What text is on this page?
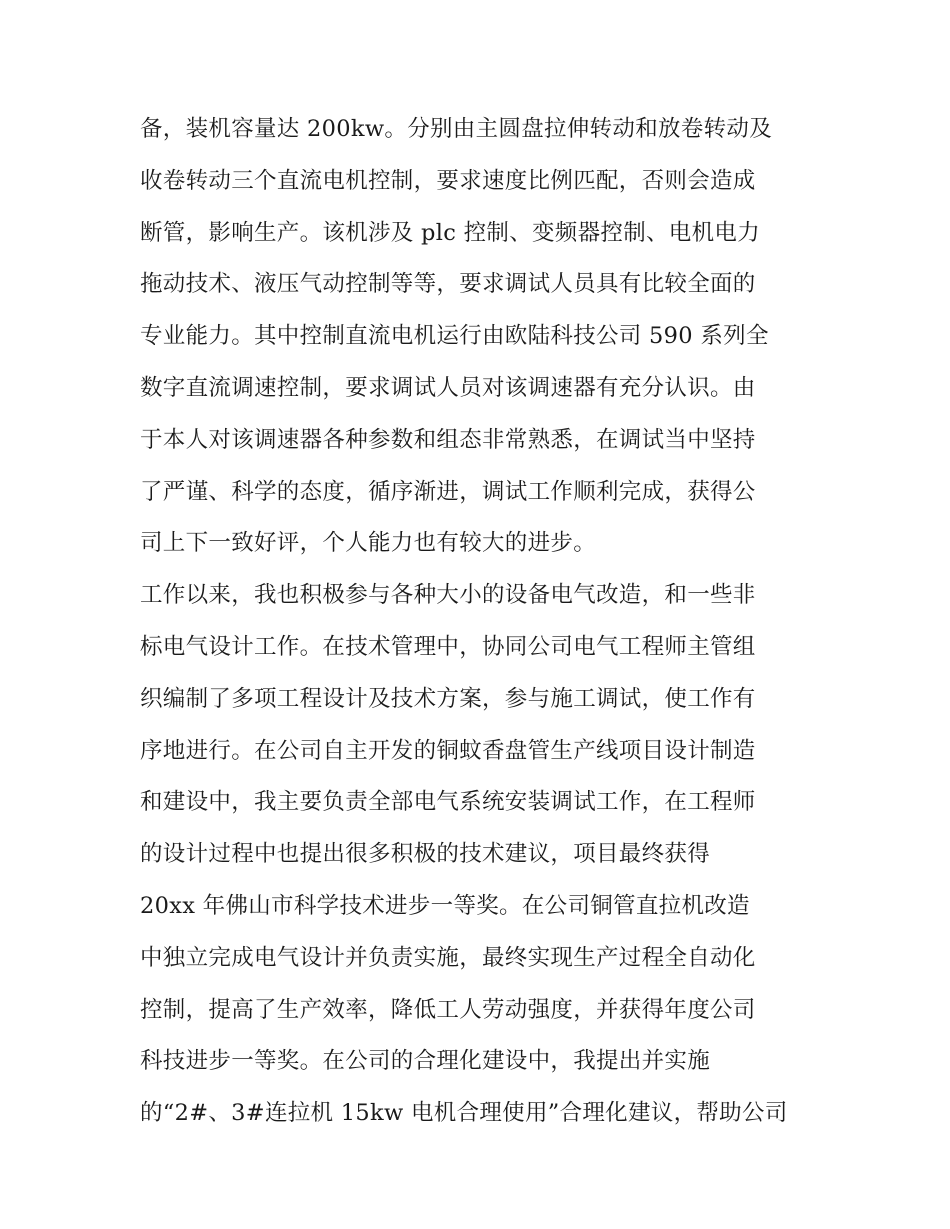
备，装机容量达 200kw。分别由主圆盘拉伸转动和放卷转动及
收卷转动三个直流电机控制，要求速度比例匹配，否则会造成
断管，影响生产。该机涉及 plc 控制、变频器控制、电机电力
拖动技术、液压气动控制等等，要求调试人员具有比较全面的
专业能力。其中控制直流电机运行由欧陆科技公司 590 系列全
数字直流调速控制，要求调试人员对该调速器有充分认识。由
于本人对该调速器各种参数和组态非常熟悉，在调试当中坚持
了严谨、科学的态度，循序渐进，调试工作顺利完成，获得公
司上下一致好评，个人能力也有较大的进步。
工作以来，我也积极参与各种大小的设备电气改造，和一些非
标电气设计工作。在技术管理中，协同公司电气工程师主管组
织编制了多项工程设计及技术方案，参与施工调试，使工作有
序地进行。在公司自主开发的铜蚊香盘管生产线项目设计制造
和建设中，我主要负责全部电气系统安装调试工作，在工程师
的设计过程中也提出很多积极的技术建议，项目最终获得
20xx 年佛山市科学技术进步一等奖。在公司铜管直拉机改造
中独立完成电气设计并负责实施，最终实现生产过程全自动化
控制，提高了生产效率，降低工人劳动强度，并获得年度公司
科技进步一等奖。在公司的合理化建设中，我提出并实施
的“2#、3#连拉机 15kw 电机合理使用”合理化建议，帮助公司
